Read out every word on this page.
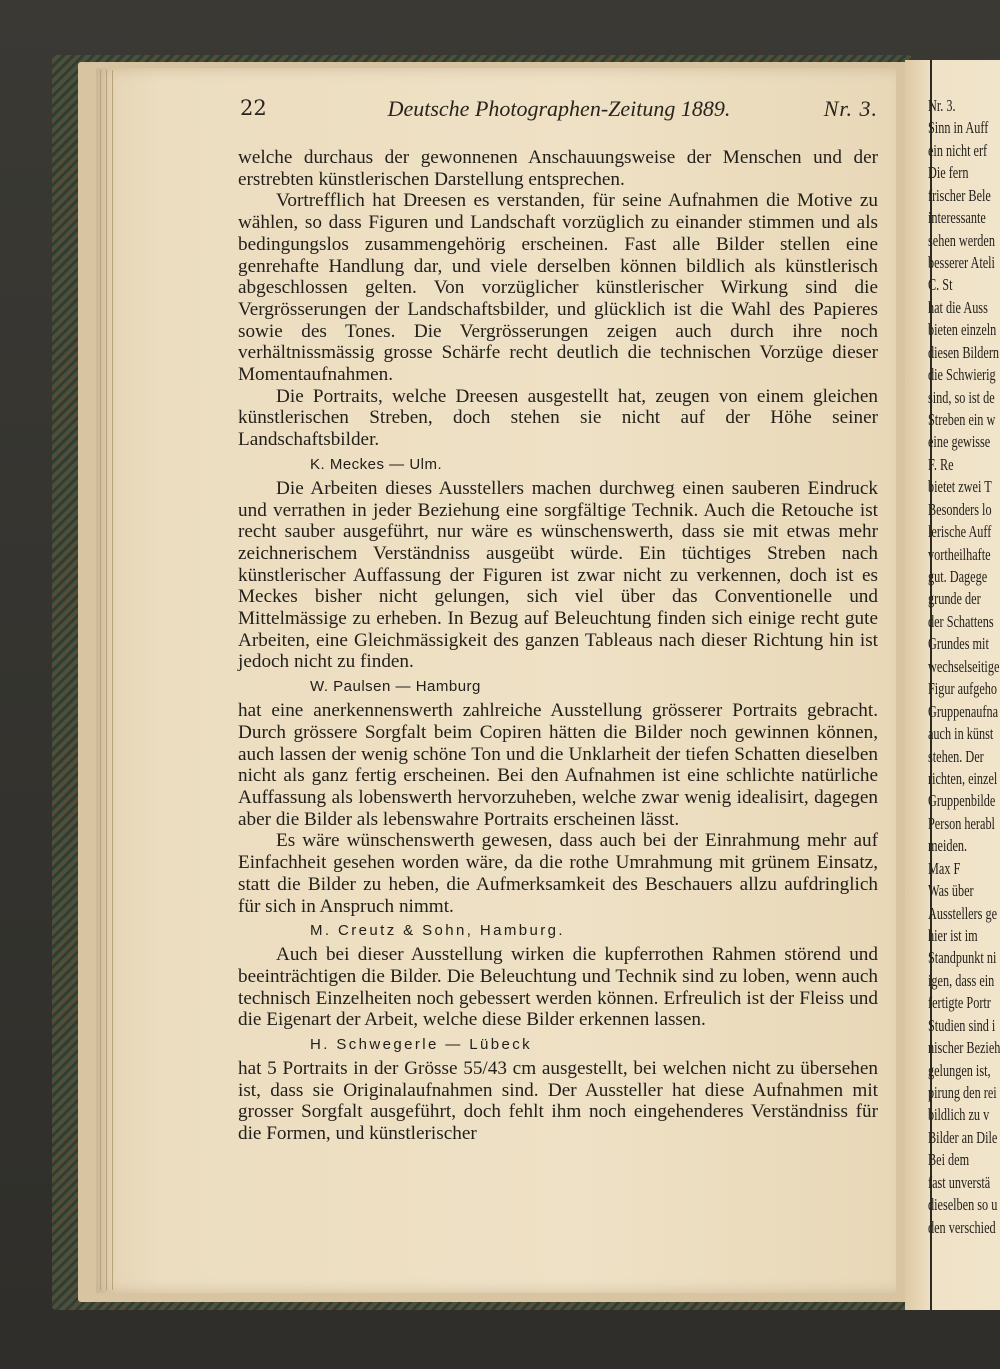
22	Deutsche Photographen-Zeitung 1889.	Nr. 3.

welche durchaus der gewonnenen Anschauungsweise der Menschen und der erstrebten künstlerischen Darstellung entsprechen.

Vortrefflich hat Dreesen es verstanden, für seine Aufnahmen die Motive zu wählen, so dass Figuren und Landschaft vorzüglich zu einander stimmen und als bedingungslos zusammengehörig erscheinen. Fast alle Bilder stellen eine genrehafte Handlung dar, und viele derselben können bildlich als künstlerisch abgeschlossen gelten. Von vorzüglicher künstlerischer Wirkung sind die Vergrösserungen der Landschaftsbilder, und glücklich ist die Wahl des Papieres sowie des Tones. Die Vergrösserungen zeigen auch durch ihre noch verhältnissmässig grosse Schärfe recht deutlich die technischen Vorzüge dieser Momentaufnahmen.

Die Portraits, welche Dreesen ausgestellt hat, zeugen von einem gleichen künstlerischen Streben, doch stehen sie nicht auf der Höhe seiner Landschaftsbilder.

K. Meckes — Ulm.

Die Arbeiten dieses Ausstellers machen durchweg einen sauberen Eindruck und verrathen in jeder Beziehung eine sorgfältige Technik. Auch die Retouche ist recht sauber ausgeführt, nur wäre es wünschenswerth, dass sie mit etwas mehr zeichnerischem Verständniss ausgeübt würde. Ein tüchtiges Streben nach künstlerischer Auffassung der Figuren ist zwar nicht zu verkennen, doch ist es Meckes bisher nicht gelungen, sich viel über das Conventionelle und Mittelmässige zu erheben. In Bezug auf Beleuchtung finden sich einige recht gute Arbeiten, eine Gleichmässigkeit des ganzen Tableaus nach dieser Richtung hin ist jedoch nicht zu finden.

W. Paulsen — Hamburg

hat eine anerkennenswerth zahlreiche Ausstellung grösserer Portraits gebracht. Durch grössere Sorgfalt beim Copiren hätten die Bilder noch gewinnen können, auch lassen der wenig schöne Ton und die Unklarheit der tiefen Schatten dieselben nicht als ganz fertig erscheinen. Bei den Aufnahmen ist eine schlichte natürliche Auffassung als lobenswerth hervorzuheben, welche zwar wenig idealisirt, dagegen aber die Bilder als lebenswahre Portraits erscheinen lässt.

Es wäre wünschenswerth gewesen, dass auch bei der Einrahmung mehr auf Einfachheit gesehen worden wäre, da die rothe Umrahmung mit grünem Einsatz, statt die Bilder zu heben, die Aufmerksamkeit des Beschauers allzu aufdringlich für sich in Anspruch nimmt.

M. Creutz & Sohn, Hamburg.

Auch bei dieser Ausstellung wirken die kupferrothen Rahmen störend und beeinträchtigen die Bilder. Die Beleuchtung und Technik sind zu loben, wenn auch technisch Einzelheiten noch gebessert werden können. Erfreulich ist der Fleiss und die Eigenart der Arbeit, welche diese Bilder erkennen lassen.

H. Schwegerle — Lübeck

hat 5 Portraits in der Grösse 55/43 cm ausgestellt, bei welchen nicht zu übersehen ist, dass sie Originalaufnahmen sind. Der Aussteller hat diese Aufnahmen mit grosser Sorgfalt ausgeführt, doch fehlt ihm noch eingehenderes Verständniss für die Formen, und künstlerischer

Nr. 3.
Sinn in Auff
ein nicht erf
Die fern
frischer Bele
interessante
sehen werden
besserer Ateli
C. St
hat die Auss
bieten einzeln
diesen Bildern
die Schwierig
sind, so ist de
Streben ein w
eine gewisse
F. Re
bietet zwei T
Besonders lo
lerische Auff
vortheilhafte
gut. Dagege
grunde der
der Schattens
Grundes mit
wechselseitige
Figur aufgeho
Gruppenaufna
auch in künst
stehen. Der
richten, einzel
Gruppenbilde
Person herabl
meiden.
Max F
Was über
Ausstellers ge
hier ist im
Standpunkt ni
igen, dass ein
fertigte Portr
Studien sind i
nischer Bezieh
gelungen ist,
pirung den rei
bildlich zu v
Bilder an Dile
Bei dem
fast unverstä
dieselben so u
den verschied
